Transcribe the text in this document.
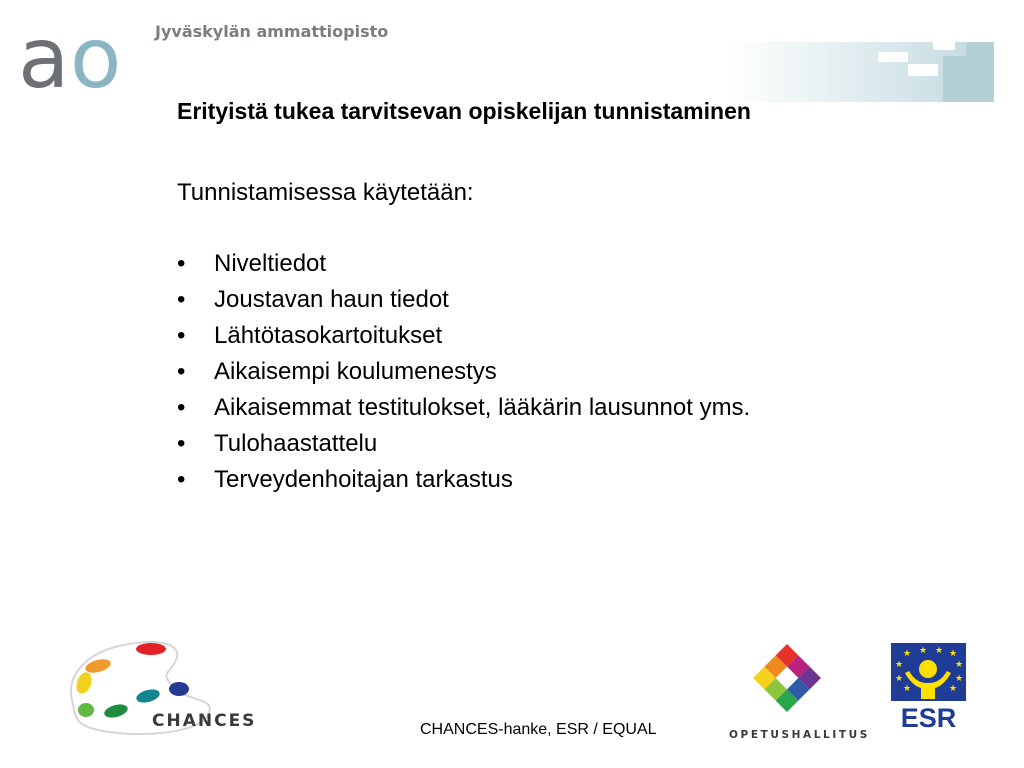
a o Jyväskylän ammattiopisto
Erityistä tukea tarvitsevan opiskelijan tunnistaminen
Tunnistamisessa käytetään:
•	Niveltiedot
•	Joustavan haun tiedot
•	Lähtötasokartoitukset
•	Aikaisempi koulumenestys
•	Aikaisemmat testitulokset, lääkärin lausunnot yms.
•	Tulohaastattelu
•	Terveydenhoitajan tarkastus
CHANCES	CHANCES-hanke, ESR / EQUAL	OPETUSHALLITUS
★ ★ ★ ★
★	★
★	★
★	★
ESR
